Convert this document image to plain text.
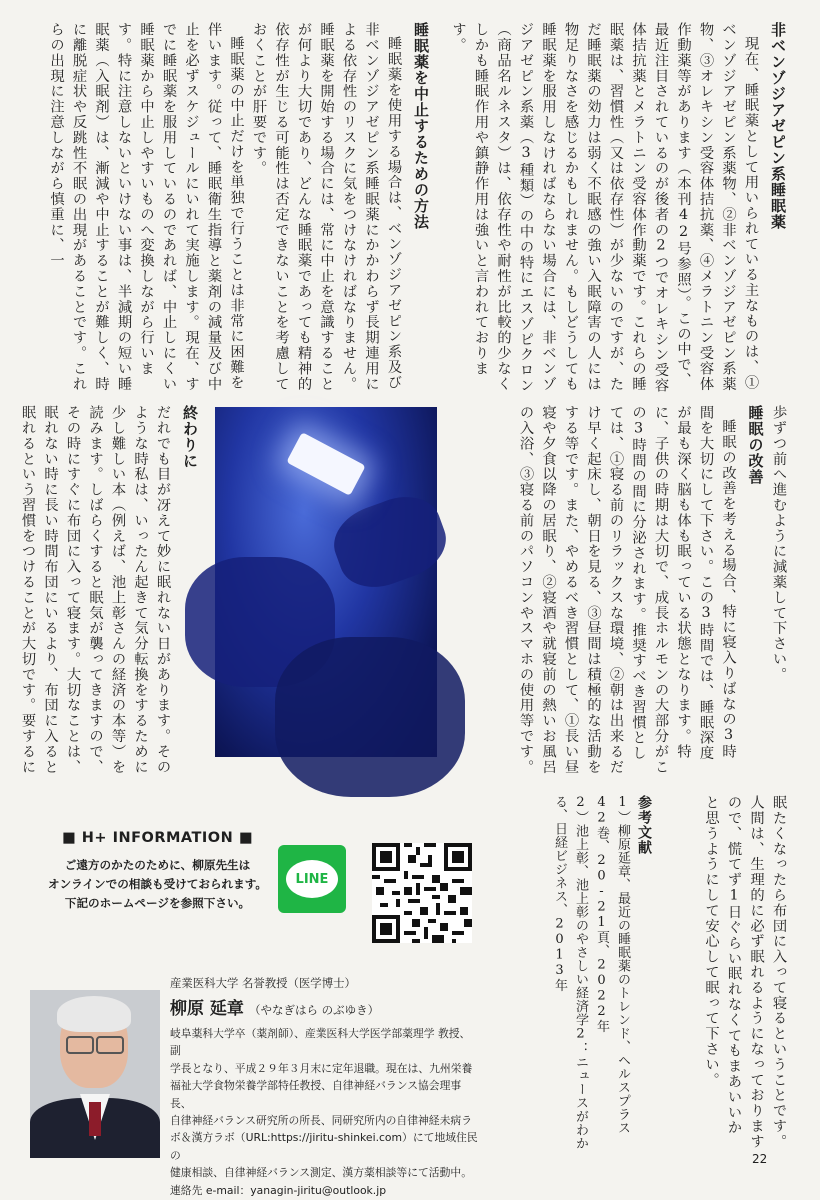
非ベンゾジアゼピン系睡眠薬

現在、睡眠薬として用いられている主なものは、①ベンゾジアゼピン系薬物、②非ベンゾジアゼピン系薬物、③オレキシン受容体拮抗薬、④メラトニン受容体作動薬等があります（本刊42号参照）。この中で、最近注目されているのが後者の2つでオレキシン受容体拮抗薬とメラトニン受容体作動薬です。これらの睡眠薬は、習慣性（又は依存性）が少ないのですが、ただ睡眠薬の効力は弱く不眠感の強い入眠障害の人には物足りなさを感じるかもしれません。もしどうしても睡眠薬を服用しなければならない場合には、非ベンゾジアゼピン系薬（3種類）の中の特にエスゾピクロン（商品名ルネスタ）は、依存性や耐性が比較的少なくしかも睡眠作用や鎮静作用は強いと言われております。

睡眠薬を中止するための方法

睡眠薬を使用する場合は、ベンゾジアゼピン系及び非ベンゾジアゼピン系睡眠薬にかかわらず長期連用による依存性のリスクに気をつけなければなりません。睡眠薬を開始する場合には、常に中止を意識することが何より大切であり、どんな睡眠薬であっても精神的依存性が生じる可能性は否定できないことを考慮しておくことが肝要です。

睡眠薬の中止だけを単独で行うことは非常に困難を伴います。従って、睡眠衛生指導と薬剤の減量及び中止を必ずスケジュールにいれて実施します。現在、すでに睡眠薬を服用しているのであれば、中止しにくい睡眠薬から中止しやすいものへ変換しながら行います。特に注意しないといけない事は、半減期の短い睡眠薬（入眠剤）は、漸減や中止することが難しく、時に離脱症状や反跳性不眠の出現があることです。これらの出現に注意しながら慎重に、一

歩ずつ前へ進むように減薬して下さい。

睡眠の改善

睡眠の改善を考える場合、特に寝入りばなの3時間を大切にして下さい。この3時間では、睡眠深度が最も深く脳も体も眠っている状態となります。特に、子供の時期は大切で、成長ホルモンの大部分がこの3時間の間に分泌されます。推奨すべき習慣としては、①寝る前のリラックスな環境、②朝は出来るだけ早く起床し、朝日を見る、③昼間は積極的な活動をする等です。また、やめるべき習慣として、①長い昼寝や夕食以降の居眠り、②寝酒や就寝前の熱いお風呂の入浴、③寝る前のパソコンやスマホの使用等です。

終わりに

だれでも目が冴えて妙に眠れない日があります。そのような時私は、いったん起きて気分転換をするために少し難しい本（例えば、池上彰さんの経済の本等）を読みます。しばらくすると眠気が襲ってきますので、その時にすぐに布団に入って寝ます。大切なことは、眠れない時に長い時間布団にいるより、布団に入ると眠れるという習慣をつけることが大切です。要するに

眠たくなったら布団に入って寝るということです。人間は、生理的に必ず眠れるようになっておりますので、慌てず1日ぐらい眠れなくてもまあいいかと思うようにして安心して眠って下さい。

参考文献

1）柳原延章、最近の睡眠薬のトレンド、ヘルスプラス42巻、20-21頁、2022年

2）池上彰、池上彰のやさしい経済学2：ニュースがわかる、日経ビジネス、2013年

■ H+ INFORMATION ■
ご遠方のかたのために、柳原先生は
オンラインでの相談も受けておられます。
下記のホームページを参照下さい。
LINE
産業医科大学 名誉教授（医学博士）
柳原 延章 （やなぎはら のぶゆき）

岐阜薬科大学卒（薬剤師）、産業医科大学医学部薬理学 教授、副

学長となり、平成２９年３月末に定年退職。現在は、九州栄養

福祉大学食物栄養学部特任教授、自律神経バランス協会理事長、

自律神経バランス研究所の所長、同研究所内の自律神経未病ラ

ボ＆漢方ラボ（URL:https://jiritu-shinkei.com）にて地域住民の

健康相談、自律神経バランス測定、漢方薬相談等にて活動中。

連絡先 e-mail：yanagin-jiritu@outlook.jp

22
